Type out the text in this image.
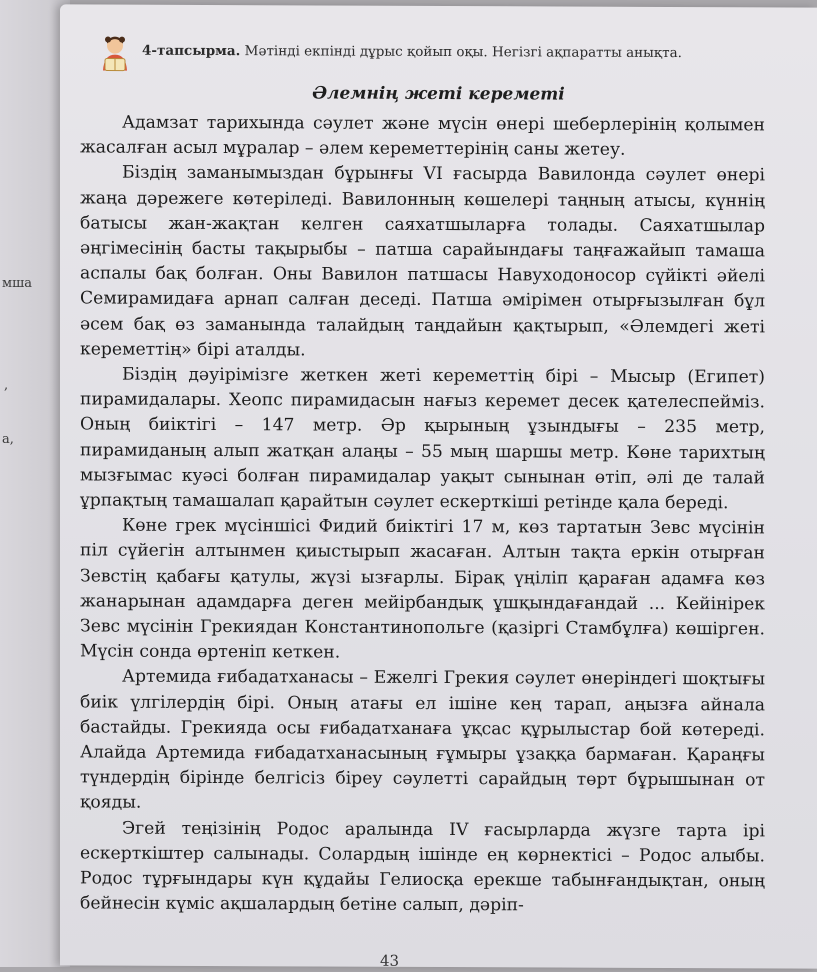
мша
,
а,
4-тапсырма. Мәтінді екпінді дұрыс қойып оқы. Негізгі ақпаратты анықта.
Әлемнің жеті кереметі

Адамзат тарихында сәулет және мүсін өнері шеберлерінің қолымен жасалған асыл мұралар – әлем кереметтерінің саны жетеу.

Біздің заманымыздан бұрынғы VI ғасырда Вавилонда сәулет өнері жаңа дәрежеге көтеріледі. Вавилонның көшелері таңның атысы, күннің батысы жан-жақтан келген саяхатшыларға толады. Саяхатшылар әңгімесінің басты тақырыбы – патша сарайындағы таңғажайып тамаша аспалы бақ болған. Оны Вавилон патшасы Навуходоносор сүйікті әйелі Семирамидаға арнап салған деседі. Патша әмірімен отырғызылған бұл әсем бақ өз заманында талайдың таңдайын қақтырып, «Әлемдегі жеті кереметтің» бірі аталды.

Біздің дәуірімізге жеткен жеті кереметтің бірі – Мысыр (Египет) пирамидалары. Хеопс пирамидасын нағыз керемет десек қателеспейміз. Оның биіктігі – 147 метр. Әр қырының ұзындығы – 235 метр, пирамиданың алып жатқан алаңы – 55 мың шаршы метр. Көне тарихтың мызғымас куәсі болған пирамидалар уақыт сынынан өтіп, әлі де талай ұрпақтың тамашалап қарайтын сәулет ескерткіші ретінде қала береді.

Көне грек мүсіншісі Фидий биіктігі 17 м, көз тартатын Зевс мүсінін піл сүйегін алтынмен қиыстырып жасаған. Алтын тақта еркін отырған Зевстің қабағы қатулы, жүзі ызғарлы. Бірақ үңіліп қараған адамға көз жанарынан адамдарға деген мейірбандық ұшқындағандай ... Кейінірек Зевс мүсінін Грекиядан Константинопольге (қазіргі Стамбұлға) көшірген. Мүсін сонда өртеніп кеткен.

Артемида ғибадатханасы – Ежелгі Грекия сәулет өнеріндегі шоқтығы биік үлгілердің бірі. Оның атағы ел ішіне кең тарап, аңызға айнала бастайды. Грекияда осы ғибадатханаға ұқсас құрылыстар бой көтереді. Алайда Артемида ғибадатханасының ғұмыры ұзаққа бармаған. Қараңғы түндердің бірінде белгісіз біреу сәулетті сарайдың төрт бұрышынан от қояды.

Эгей теңізінің Родос аралында IV ғасырларда жүзге тарта ірі ескерткіштер салынады. Солардың ішінде ең көрнектісі – Родос алыбы. Родос тұрғындары күн құдайы Гелиосқа ерекше табынғандықтан, оның бейнесін күміс ақшалардың бетіне салып, дәріп-

43
